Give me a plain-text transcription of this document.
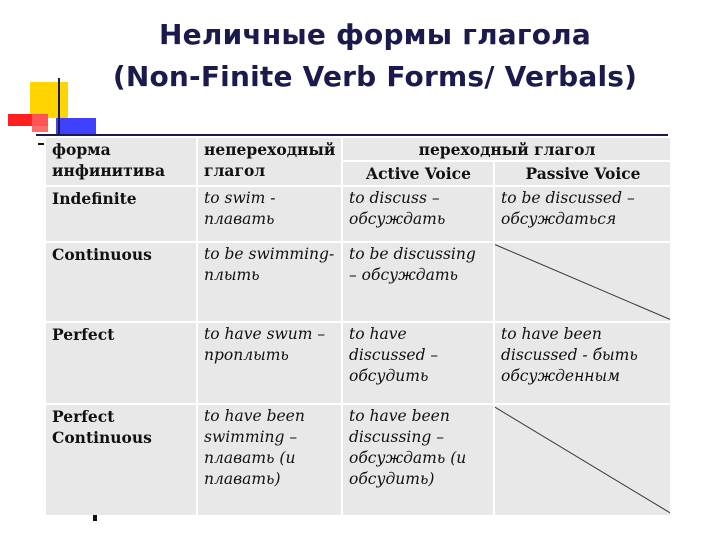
Неличные формы глагола
(Non-Finite Verb Forms/ Verbals)
форма инфинитива	непереходный глагол	переходный глагол	
		Active Voice	Passive Voice
Indefinite	to swim - плавать	to discuss – обсуждать	to be discussed – обсуждаться
Continuous	to be swimming- плыть	to be discussing – обсуждать	

Perfect	to have swum – проплыть	to have discussed – обсудить	to have been discussed - быть обсужденным
Perfect Continuous	to have been swimming – плавать (и плавать)	to have been discussing – обсуждать (и обсудить)	
